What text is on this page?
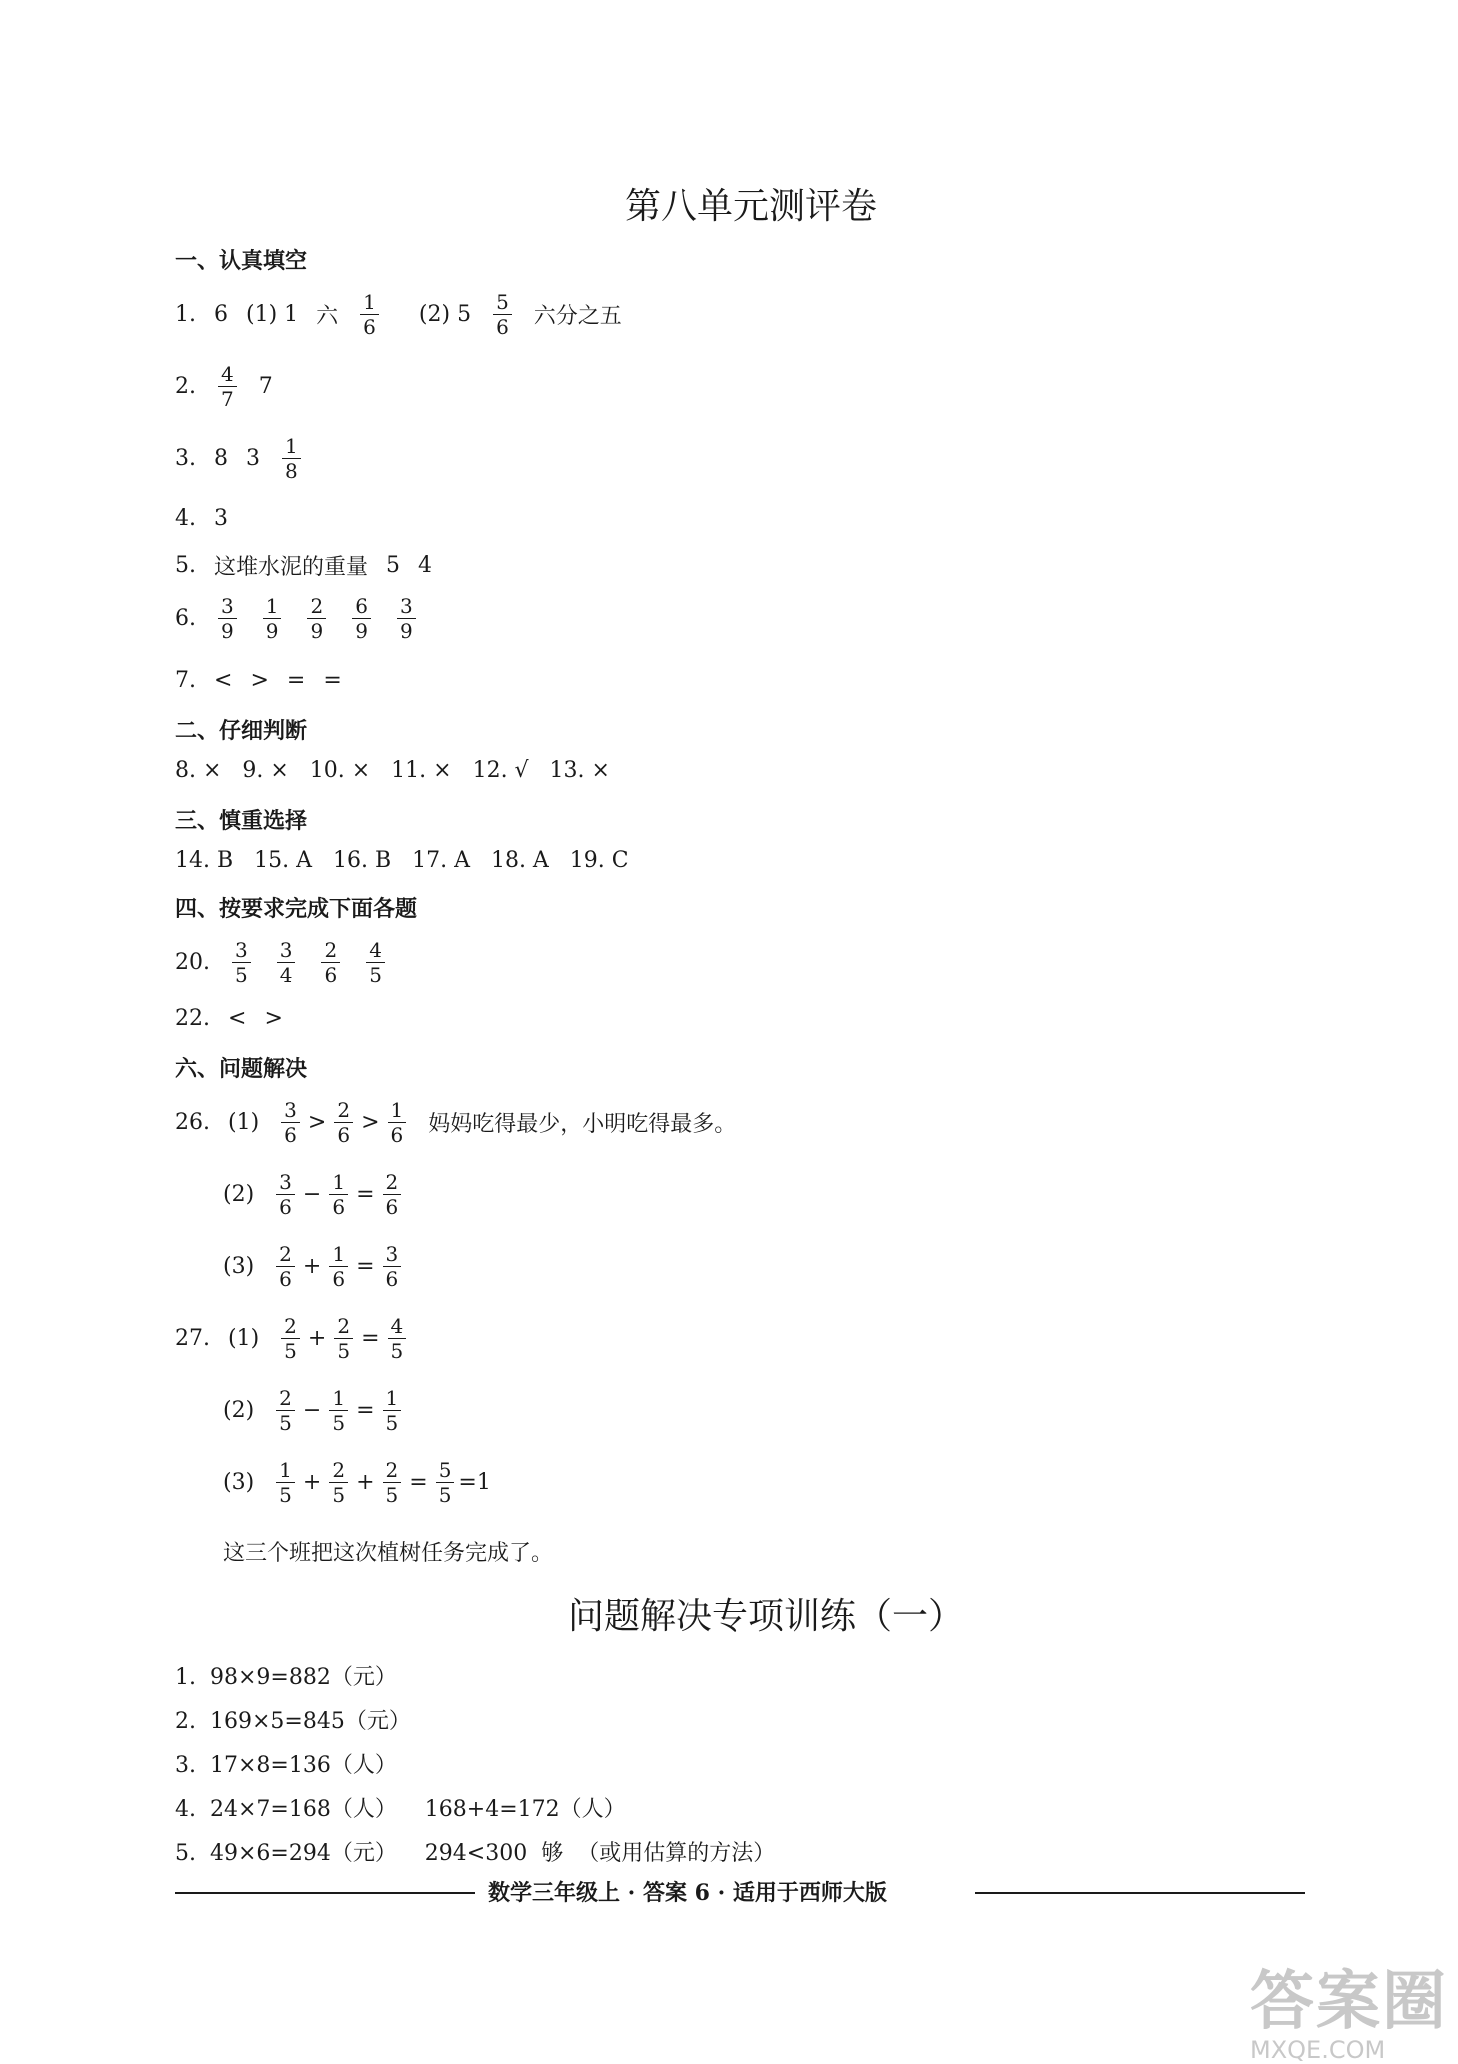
第八单元测评卷
一、认真填空
1. 6 (1) 1 六 $\frac{1}{6} (2)$ $5 \frac{5}{6}$ 六分之五
2. $\frac{4}{7} 7$
3. 8 $3 \frac{1}{8}$
4. 3
5. 这堆水泥的重量 5 4
6. $\frac{3}{9} \frac{1}{9} \frac{2}{9} \frac{6}{9} \frac{3}{9}$
7. < > = =
二、仔细判断
8. ×   9. ×   10. ×   11. ×   12. √   13. ×
三、慎重选择
14. B   15. A   16. B   17. A   18. A   19. C
四、按要求完成下面各题
20. $\frac{3}{5} \frac{3}{4} \frac{2}{6} \frac{4}{5}$
22. < >
六、问题解决
26. $(1) \frac{3}{6} > \frac{2}{6} > \frac{1}{6}$ 妈妈吃得最少，小明吃得最多。
$(2) \frac{3}{6} - \frac{1}{6} = \frac{2}{6}$
$(3) \frac{2}{6} + \frac{1}{6} = \frac{3}{6}$
27. $(1) \frac{2}{5} + \frac{2}{5} = \frac{4}{5}$
$(2) \frac{2}{5} - \frac{1}{5} = \frac{1}{5}$
$(3) \frac{1}{5} + \frac{2}{5} + \frac{2}{5} = \frac{5}{5} =1$
这三个班把这次植树任务完成了。
问题解决专项训练（一）
1.  98×9=882（元）
2.  169×5=845（元）
3.  17×8=136（人）
4.  24×7=168（人）    168+4=172（人）
5.  49×6=294（元）    294<300  够  （或用估算的方法）
数学三年级上 · 答案 6 · 适用于西师大版
答案圈
MXQE.COM
